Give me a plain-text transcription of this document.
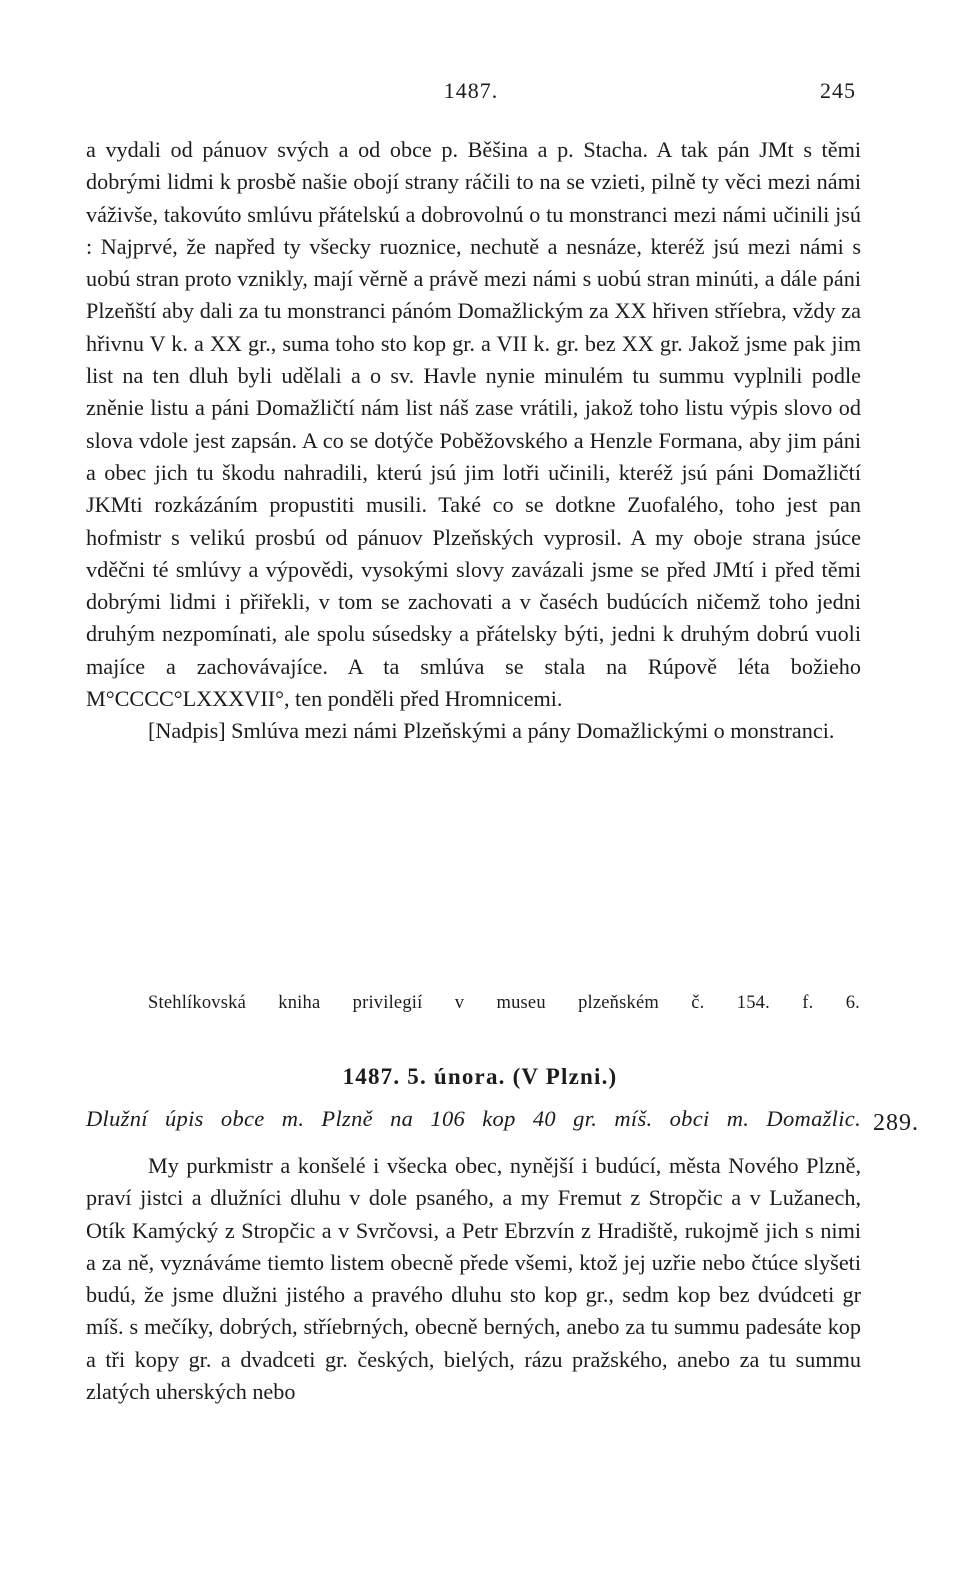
1487.	245

a vydali od pánuov svých a od obce p. Běšina a p. Stacha. A tak pán JMt s těmi dobrými lidmi k prosbě našie obojí strany ráčili to na se vzieti, pilně ty věci mezi námi váživše, takovúto smlúvu přátelskú a dobrovolnú o tu monstranci mezi námi učinili jsú : Najprvé, že napřed ty všecky ruoznice, nechutě a nesnáze, kteréž jsú mezi námi s uobú stran proto vznikly, mají věrně a právě mezi námi s uobú stran minúti, a dále páni Plzeňští aby dali za tu monstranci pánóm Domažlickým za XX hřiven stříebra, vždy za hřivnu V k. a XX gr., suma toho sto kop gr. a VII k. gr. bez XX gr. Jakož jsme pak jim list na ten dluh byli udělali a o sv. Havle nynie minulém tu summu vyplnili podle zněnie listu a páni Domažličtí nám list náš zase vrátili, jakož toho listu výpis slovo od slova vdole jest zapsán. A co se dotýče Poběžovského a Henzle Formana, aby jim páni a obec jich tu škodu nahradili, kterú jsú jim lotři učinili, kteréž jsú páni Domažličtí JKMti rozkázáním propustiti musili. Také co se dotkne Zuofalého, toho jest pan hofmistr s velikú prosbú od pánuov Plzeňských vyprosil. A my oboje strana jsúce vděčni té smlúvy a výpovědi, vysokými slovy zavázali jsme se před JMtí i před těmi dobrými lidmi i přiřekli, v tom se zachovati a v časéch budúcích ničemž toho jedni druhým nezpomínati, ale spolu súsedsky a přátelsky býti, jedni k druhým dobrú vuoli majíce a zachovávajíce. A ta smlúva se stala na Rúpově léta božieho M°CCCC°LXXXVII°, ten ponděli před Hromnicemi.

[Nadpis] Smlúva mezi námi Plzeňskými a pány Domažlickými o monstranci.

Stehlíkovská kniha privilegií v museu plzeňském č. 154. f. 6.
1487. 5. února. (V Plzni.)
Dlužní úpis obce m. Plzně na 106 kop 40 gr. míš. obci m. Domažlic. 289.

My purkmistr a konšelé i všecka obec, nynější i budúcí, města Nového Plzně, praví jistci a dlužníci dluhu v dole psaného, a my Fremut z Stropčic a v Lužanech, Otík Kamýcký z Stropčic a v Svrčovsi, a Petr Ebrzvín z Hradiště, rukojmě jich s nimi a za ně, vyznáváme tiemto listem obecně přede všemi, ktož jej uzřie nebo čtúce slyšeti budú, že jsme dlužni jistého a pravého dluhu sto kop gr., sedm kop bez dvúdceti gr míš. s mečíky, dobrých, stříebrných, obecně berných, anebo za tu summu padesáte kop a tři kopy gr. a dvadceti gr. českých, bielých, rázu pražského, anebo za tu summu zlatých uherských nebo
